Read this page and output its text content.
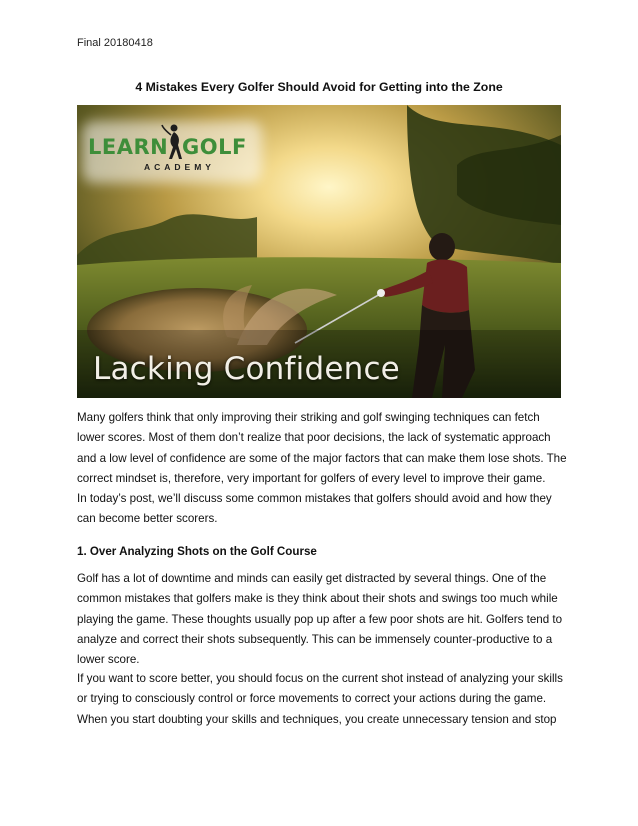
Final 20180418
4 Mistakes Every Golfer Should Avoid for Getting into the Zone
LEARN GOLF
ACADEMY
Lacking Confidence
Many golfers think that only improving their striking and golf swinging techniques can fetch lower scores. Most of them don’t realize that poor decisions, the lack of systematic approach and a low level of confidence are some of the major factors that can make them lose shots. The correct mindset is, therefore, very important for golfers of every level to improve their game.
In today’s post, we’ll discuss some common mistakes that golfers should avoid and how they can become better scorers.
1. Over Analyzing Shots on the Golf Course
Golf has a lot of downtime and minds can easily get distracted by several things. One of the common mistakes that golfers make is they think about their shots and swings too much while playing the game. These thoughts usually pop up after a few poor shots are hit. Golfers tend to analyze and correct their shots subsequently. This can be immensely counter-productive to a lower score.
If you want to score better, you should focus on the current shot instead of analyzing your skills or trying to consciously control or force movements to correct your actions during the game. When you start doubting your skills and techniques, you create unnecessary tension and stop
